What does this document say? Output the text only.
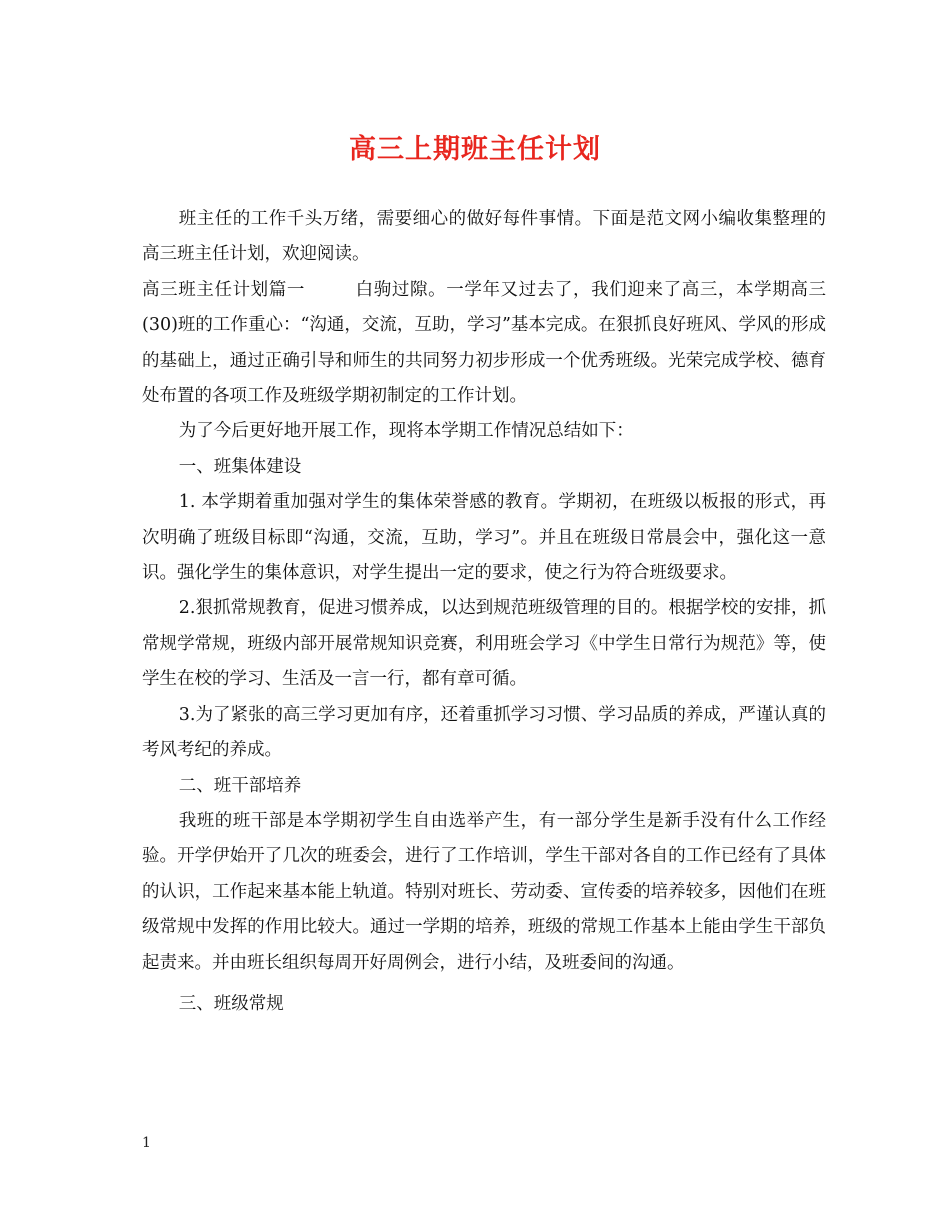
高三上期班主任计划

班主任的工作千头万绪，需要细心的做好每件事情。下面是范文网小编收集整理的高三班主任计划，欢迎阅读。

高三班主任计划篇一	白驹过隙。一学年又过去了，我们迎来了高三，本学期高三(30)班的工作重心：“沟通，交流，互助，学习”基本完成。在狠抓良好班风、学风的形成的基础上，通过正确引导和师生的共同努力初步形成一个优秀班级。光荣完成学校、德育处布置的各项工作及班级学期初制定的工作计划。

为了今后更好地开展工作，现将本学期工作情况总结如下：

一、班集体建设

1. 本学期着重加强对学生的集体荣誉感的教育。学期初，在班级以板报的形式，再次明确了班级目标即“沟通，交流，互助，学习”。并且在班级日常晨会中，强化这一意识。强化学生的集体意识，对学生提出一定的要求，使之行为符合班级要求。

2.狠抓常规教育，促进习惯养成，以达到规范班级管理的目的。根据学校的安排，抓常规学常规，班级内部开展常规知识竞赛，利用班会学习《中学生日常行为规范》等，使学生在校的学习、生活及一言一行，都有章可循。

3.为了紧张的高三学习更加有序，还着重抓学习习惯、学习品质的养成，严谨认真的考风考纪的养成。

二、班干部培养

我班的班干部是本学期初学生自由选举产生，有一部分学生是新手没有什么工作经验。开学伊始开了几次的班委会，进行了工作培训，学生干部对各自的工作已经有了具体的认识，工作起来基本能上轨道。特别对班长、劳动委、宣传委的培养较多，因他们在班级常规中发挥的作用比较大。通过一学期的培养，班级的常规工作基本上能由学生干部负起责来。并由班长组织每周开好周例会，进行小结，及班委间的沟通。

三、班级常规

1
